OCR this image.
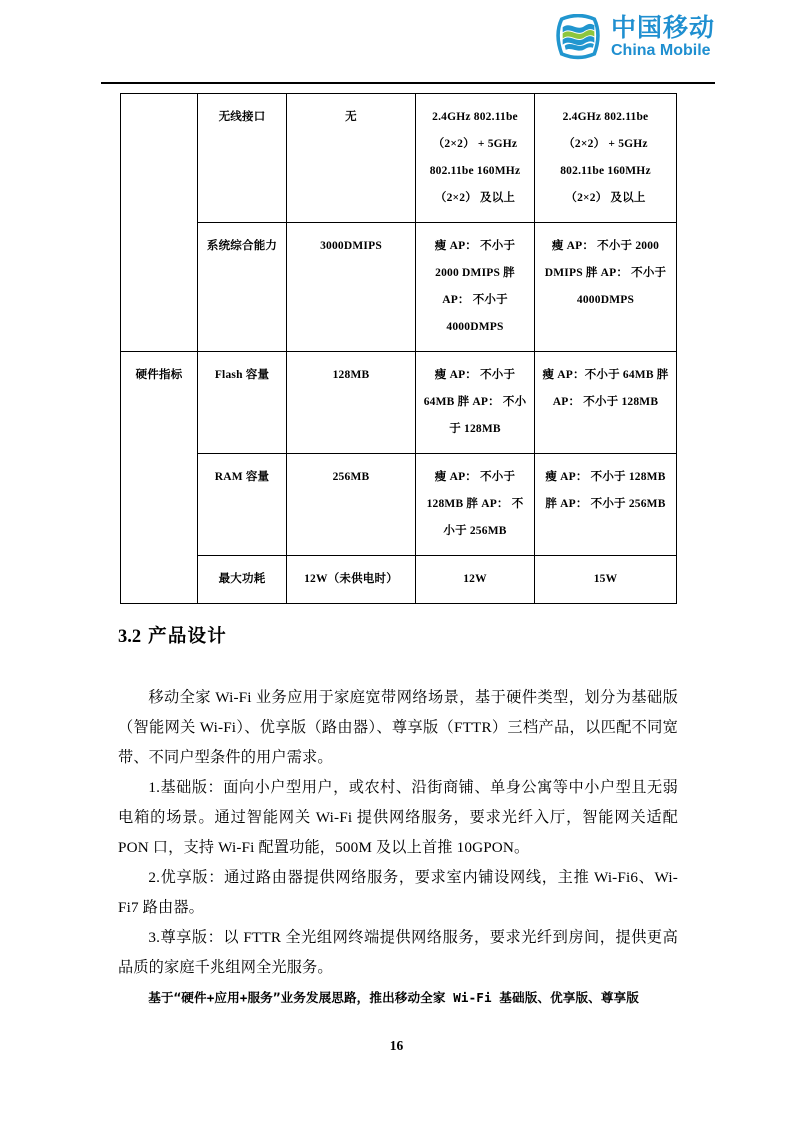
中国移动
China Mobile
	无线接口	无	2.4GHz 802.11be （2×2） + 5GHz 802.11be 160MHz （2×2） 及以上	2.4GHz 802.11be （2×2） + 5GHz 802.11be 160MHz（2×2） 及以上
	系统综合能力	3000DMIPS	瘦 AP： 不小于 2000 DMIPS 胖 AP： 不小于 4000DMPS	瘦 AP： 不小于 2000 DMIPS 胖 AP： 不小于 4000DMPS
硬件指标	Flash 容量	128MB	瘦 AP： 不小于 64MB 胖 AP： 不小于 128MB	瘦 AP：不小于 64MB 胖 AP： 不小于 128MB
	RAM 容量	256MB	瘦 AP： 不小于 128MB 胖 AP： 不小于 256MB	瘦 AP： 不小于 128MB 胖 AP： 不小于 256MB
	最大功耗	12W（未供电时）	12W	15W
3.2 产品设计

移动全家 Wi-Fi 业务应用于家庭宽带网络场景，基于硬件类型，划分为基础版（智能网关 Wi-Fi）、优享版（路由器）、尊享版（FTTR）三档产品，以匹配不同宽带、不同户型条件的用户需求。

1.基础版：面向小户型用户，或农村、沿街商铺、单身公寓等中小户型且无弱电箱的场景。通过智能网关 Wi-Fi 提供网络服务，要求光纤入厅，智能网关适配 PON 口，支持 Wi-Fi 配置功能，500M 及以上首推 10GPON。

2.优享版：通过路由器提供网络服务，要求室内铺设网线，主推 Wi-Fi6、Wi-Fi7 路由器。

3.尊享版：以 FTTR 全光组网终端提供网络服务，要求光纤到房间，提供更高品质的家庭千兆组网全光服务。

基于“硬件+应用+服务”业务发展思路，推出移动全家 Wi-Fi 基础版、优享版、尊享版

16
